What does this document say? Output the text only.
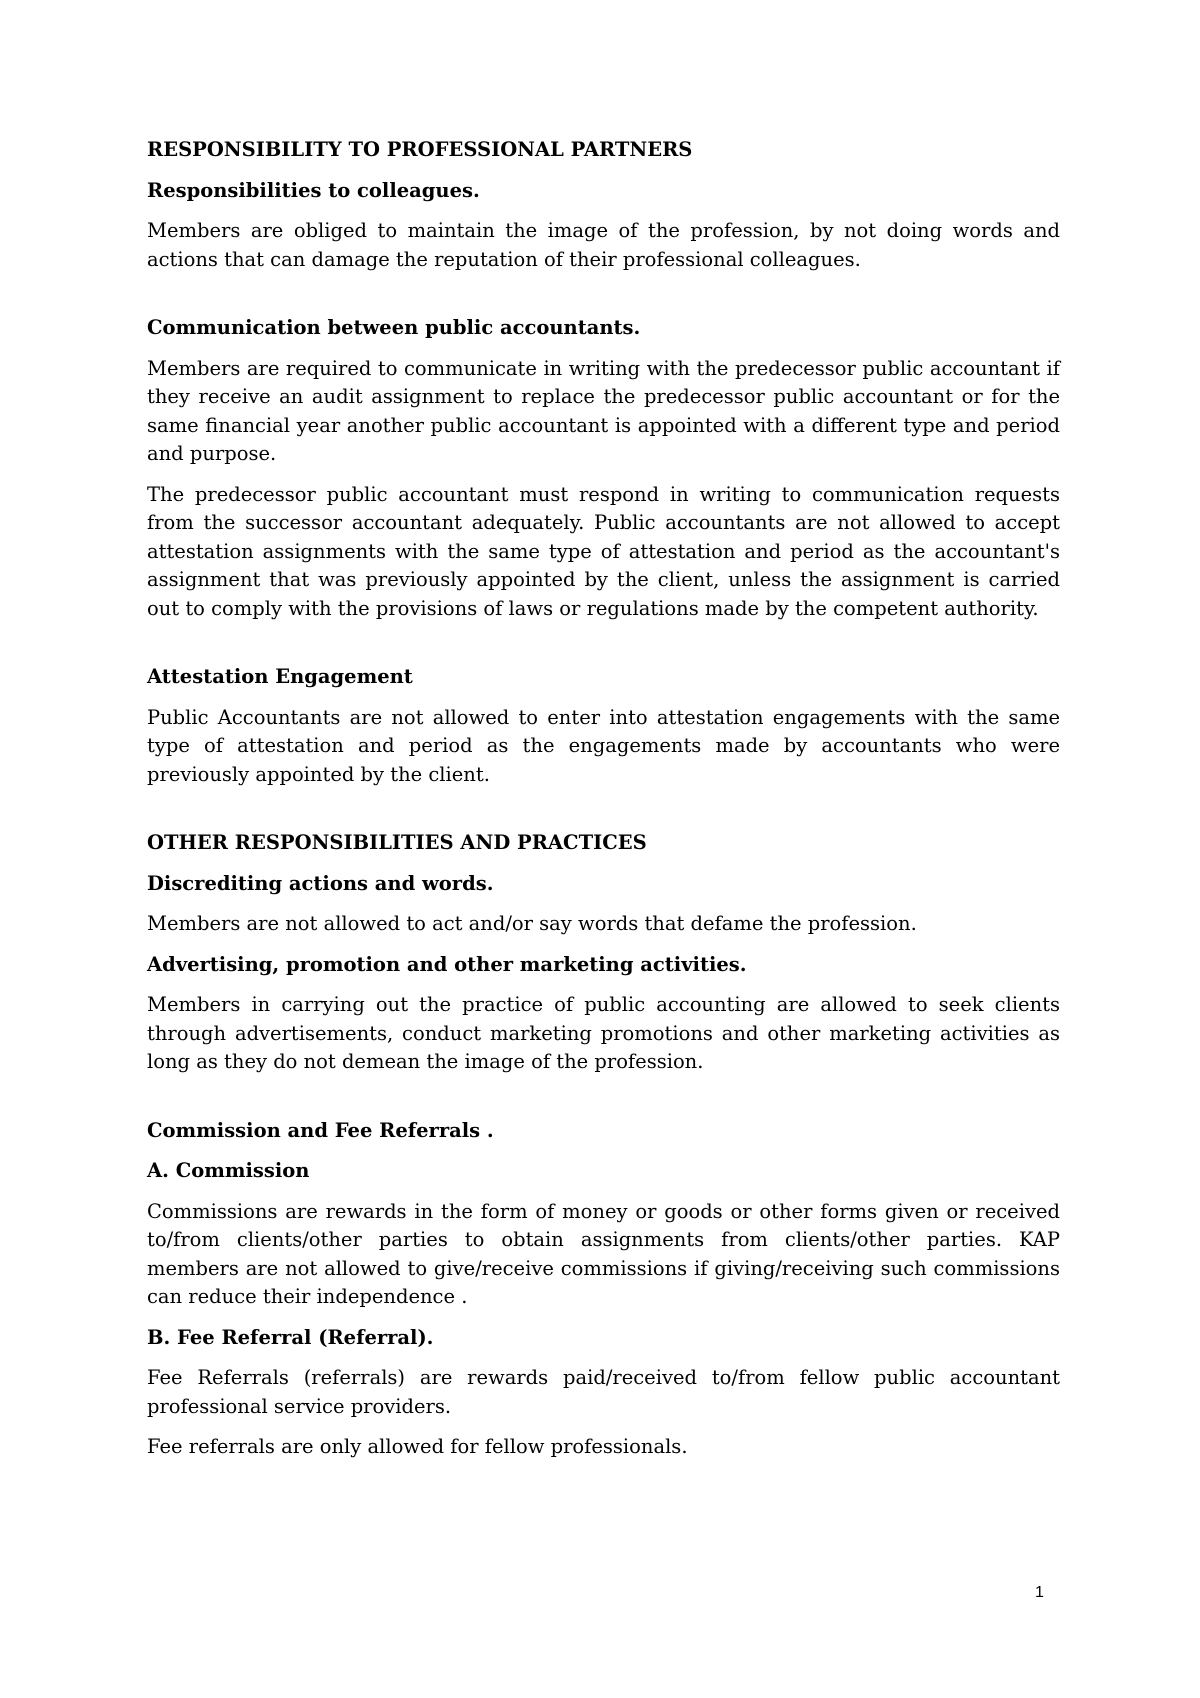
RESPONSIBILITY TO PROFESSIONAL PARTNERS
Responsibilities to colleagues.
Members are obliged to maintain the image of the profession, by not doing words and actions that can damage the reputation of their professional colleagues.
Communication between public accountants.
Members are required to communicate in writing with the predecessor public accountant if they receive an audit assignment to replace the predecessor public accountant or for the same financial year another public accountant is appointed with a different type and period and purpose.
The predecessor public accountant must respond in writing to communication requests from the successor accountant adequately. Public accountants are not allowed to accept attestation assignments with the same type of attestation and period as the accountant's assignment that was previously appointed by the client, unless the assignment is carried out to comply with the provisions of laws or regulations made by the competent authority.
Attestation Engagement
Public Accountants are not allowed to enter into attestation engagements with the same type of attestation and period as the engagements made by accountants who were previously appointed by the client.
OTHER RESPONSIBILITIES AND PRACTICES
Discrediting actions and words.
Members are not allowed to act and/or say words that defame the profession.
Advertising, promotion and other marketing activities.
Members in carrying out the practice of public accounting are allowed to seek clients through advertisements, conduct marketing promotions and other marketing activities as long as they do not demean the image of the profession.
Commission and Fee Referrals .
A. Commission
Commissions are rewards in the form of money or goods or other forms given or received to/from clients/other parties to obtain assignments from clients/other parties. KAP members are not allowed to give/receive commissions if giving/receiving such commissions can reduce their independence .
B. Fee Referral (Referral).
Fee Referrals (referrals) are rewards paid/received to/from fellow public accountant professional service providers.
Fee referrals are only allowed for fellow professionals.
1
